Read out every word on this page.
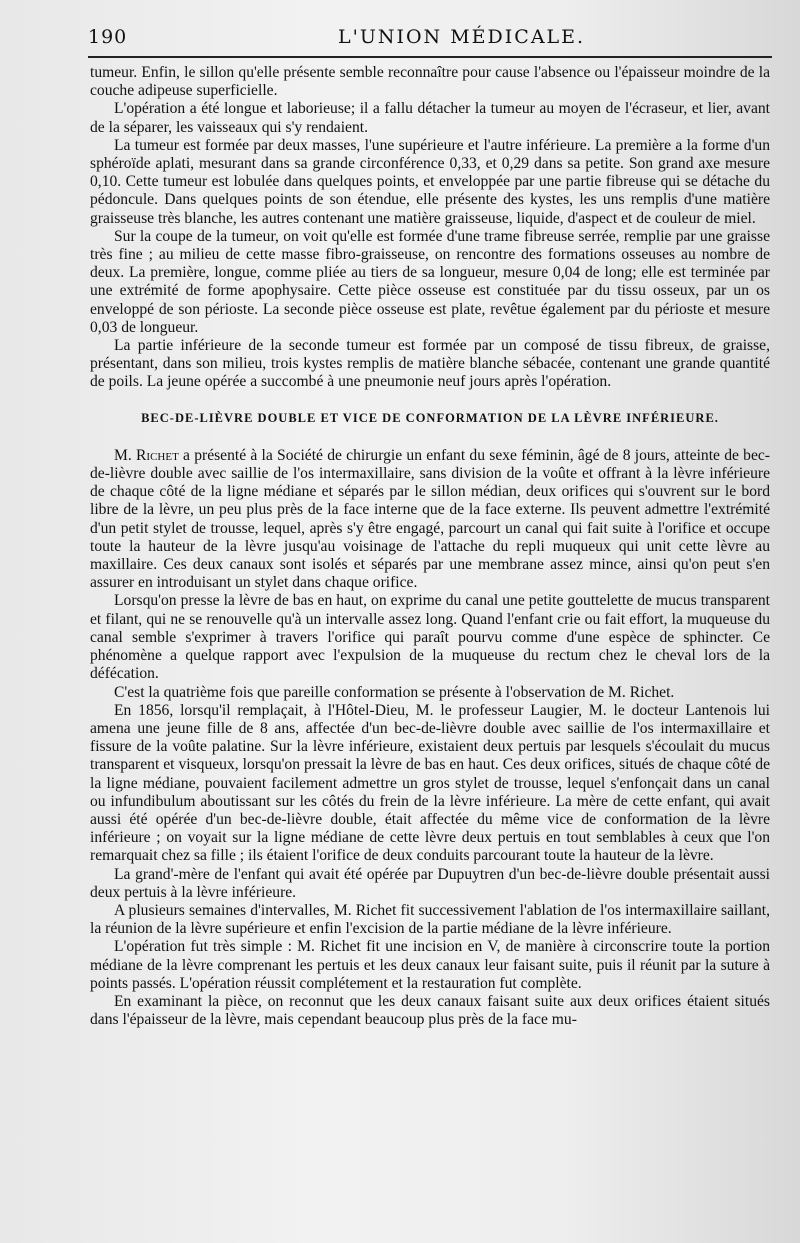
190	L'UNION MÉDICALE.

tumeur. Enfin, le sillon qu'elle présente semble reconnaître pour cause l'absence ou l'épaisseur moindre de la couche adipeuse superficielle.

L'opération a été longue et laborieuse; il a fallu détacher la tumeur au moyen de l'écraseur, et lier, avant de la séparer, les vaisseaux qui s'y rendaient.

La tumeur est formée par deux masses, l'une supérieure et l'autre inférieure. La première a la forme d'un sphéroïde aplati, mesurant dans sa grande circonférence 0,33, et 0,29 dans sa petite. Son grand axe mesure 0,10. Cette tumeur est lobulée dans quelques points, et enveloppée par une partie fibreuse qui se détache du pédoncule. Dans quelques points de son étendue, elle présente des kystes, les uns remplis d'une matière graisseuse très blanche, les autres contenant une matière graisseuse, liquide, d'aspect et de couleur de miel.

Sur la coupe de la tumeur, on voit qu'elle est formée d'une trame fibreuse serrée, remplie par une graisse très fine ; au milieu de cette masse fibro-graisseuse, on rencontre des formations osseuses au nombre de deux. La première, longue, comme pliée au tiers de sa longueur, mesure 0,04 de long; elle est terminée par une extrémité de forme apophysaire. Cette pièce osseuse est constituée par du tissu osseux, par un os enveloppé de son périoste. La seconde pièce osseuse est plate, revêtue également par du périoste et mesure 0,03 de longueur.

La partie inférieure de la seconde tumeur est formée par un composé de tissu fibreux, de graisse, présentant, dans son milieu, trois kystes remplis de matière blanche sébacée, contenant une grande quantité de poils. La jeune opérée a succombé à une pneumonie neuf jours après l'opération.

BEC-DE-LIÈVRE DOUBLE ET VICE DE CONFORMATION DE LA LÈVRE INFÉRIEURE.

M. Richet a présenté à la Société de chirurgie un enfant du sexe féminin, âgé de 8 jours, atteinte de bec-de-lièvre double avec saillie de l'os intermaxillaire, sans division de la voûte et offrant à la lèvre inférieure de chaque côté de la ligne médiane et séparés par le sillon médian, deux orifices qui s'ouvrent sur le bord libre de la lèvre, un peu plus près de la face interne que de la face externe. Ils peuvent admettre l'extrémité d'un petit stylet de trousse, lequel, après s'y être engagé, parcourt un canal qui fait suite à l'orifice et occupe toute la hauteur de la lèvre jusqu'au voisinage de l'attache du repli muqueux qui unit cette lèvre au maxillaire. Ces deux canaux sont isolés et séparés par une membrane assez mince, ainsi qu'on peut s'en assurer en introduisant un stylet dans chaque orifice.

Lorsqu'on presse la lèvre de bas en haut, on exprime du canal une petite gouttelette de mucus transparent et filant, qui ne se renouvelle qu'à un intervalle assez long. Quand l'enfant crie ou fait effort, la muqueuse du canal semble s'exprimer à travers l'orifice qui paraît pourvu comme d'une espèce de sphincter. Ce phénomène a quelque rapport avec l'expulsion de la muqueuse du rectum chez le cheval lors de la défécation.

C'est la quatrième fois que pareille conformation se présente à l'observation de M. Richet.

En 1856, lorsqu'il remplaçait, à l'Hôtel-Dieu, M. le professeur Laugier, M. le docteur Lantenois lui amena une jeune fille de 8 ans, affectée d'un bec-de-lièvre double avec saillie de l'os intermaxillaire et fissure de la voûte palatine. Sur la lèvre inférieure, existaient deux pertuis par lesquels s'écoulait du mucus transparent et visqueux, lorsqu'on pressait la lèvre de bas en haut. Ces deux orifices, situés de chaque côté de la ligne médiane, pouvaient facilement admettre un gros stylet de trousse, lequel s'enfonçait dans un canal ou infundibulum aboutissant sur les côtés du frein de la lèvre inférieure. La mère de cette enfant, qui avait aussi été opérée d'un bec-de-lièvre double, était affectée du même vice de conformation de la lèvre inférieure ; on voyait sur la ligne médiane de cette lèvre deux pertuis en tout semblables à ceux que l'on remarquait chez sa fille ; ils étaient l'orifice de deux conduits parcourant toute la hauteur de la lèvre.

La grand'-mère de l'enfant qui avait été opérée par Dupuytren d'un bec-de-lièvre double présentait aussi deux pertuis à la lèvre inférieure.

A plusieurs semaines d'intervalles, M. Richet fit successivement l'ablation de l'os intermaxillaire saillant, la réunion de la lèvre supérieure et enfin l'excision de la partie médiane de la lèvre inférieure.

L'opération fut très simple : M. Richet fit une incision en V, de manière à circonscrire toute la portion médiane de la lèvre comprenant les pertuis et les deux canaux leur faisant suite, puis il réunit par la suture à points passés. L'opération réussit complétement et la restauration fut complète.

En examinant la pièce, on reconnut que les deux canaux faisant suite aux deux orifices étaient situés dans l'épaisseur de la lèvre, mais cependant beaucoup plus près de la face mu-
